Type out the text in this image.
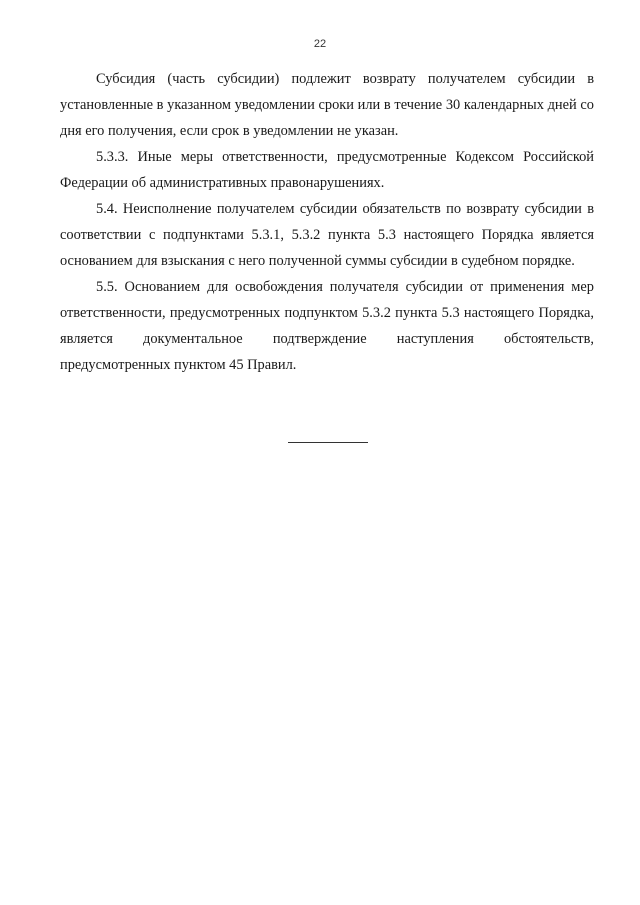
22

Субсидия (часть субсидии) подлежит возврату получателем субсидии в установленные в указанном уведомлении сроки или в течение 30 календарных дней со дня его получения, если срок в уведомлении не указан.

5.3.3. Иные меры ответственности, предусмотренные Кодексом Российской Федерации об административных правонарушениях.

5.4. Неисполнение получателем субсидии обязательств по возврату субсидии в соответствии с подпунктами 5.3.1, 5.3.2 пункта 5.3 настоящего Порядка является основанием для взыскания с него полученной суммы субсидии в судебном порядке.

5.5. Основанием для освобождения получателя субсидии от применения мер ответственности, предусмотренных подпунктом 5.3.2 пункта 5.3 настоящего Порядка, является документальное подтверждение наступления обстоятельств, предусмотренных пунктом 45 Правил.
